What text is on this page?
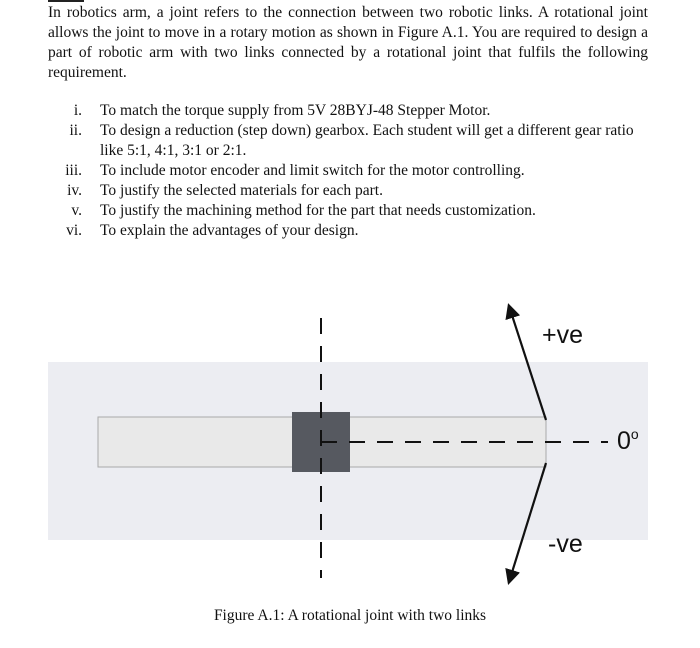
In robotics arm, a joint refers to the connection between two robotic links. A rotational joint allows the joint to move in a rotary motion as shown in Figure A.1. You are required to design a part of robotic arm with two links connected by a rotational joint that fulfils the following requirement.
i. To match the torque supply from 5V 28BYJ-48 Stepper Motor.
ii. To design a reduction (step down) gearbox. Each student will get a different gear ratio like 5:1, 4:1, 3:1 or 2:1.
iii. To include motor encoder and limit switch for the motor controlling.
iv. To justify the selected materials for each part.
v. To justify the machining method for the part that needs customization.
vi. To explain the advantages of your design.
+ve
-ve
0$^o$
Figure A.1: A rotational joint with two links
